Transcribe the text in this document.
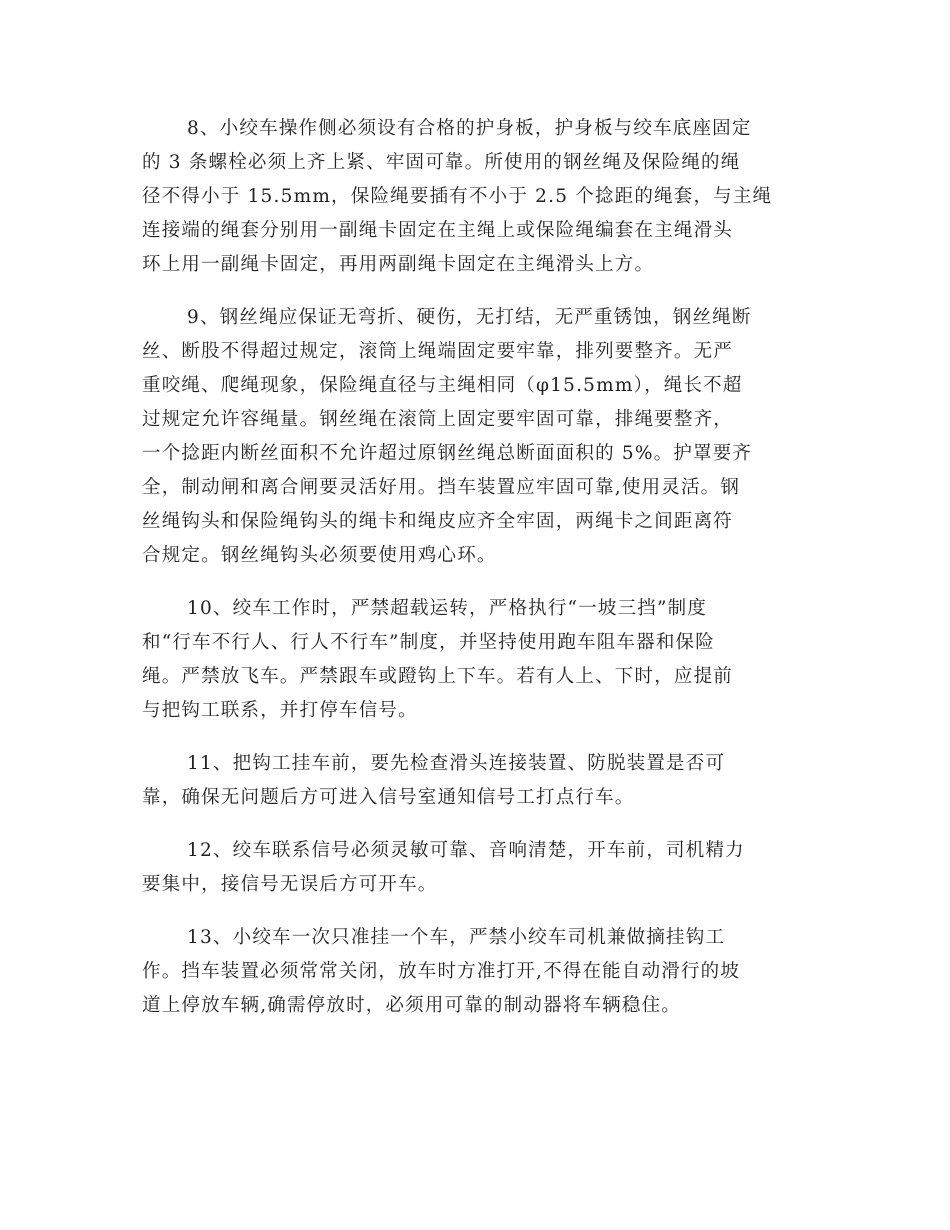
8、小绞车操作侧必须设有合格的护身板，护身板与绞车底座固定
的 3 条螺栓必须上齐上紧、牢固可靠。所使用的钢丝绳及保险绳的绳
径不得小于 15.5mm，保险绳要插有不小于 2.5 个捻距的绳套，与主绳
连接端的绳套分别用一副绳卡固定在主绳上或保险绳编套在主绳滑头
环上用一副绳卡固定，再用两副绳卡固定在主绳滑头上方。

9、钢丝绳应保证无弯折、硬伤，无打结，无严重锈蚀，钢丝绳断
丝、断股不得超过规定，滚筒上绳端固定要牢靠，排列要整齐。无严
重咬绳、爬绳现象，保险绳直径与主绳相同（φ15.5mm），绳长不超
过规定允许容绳量。钢丝绳在滚筒上固定要牢固可靠，排绳要整齐，
一个捻距内断丝面积不允许超过原钢丝绳总断面面积的 5%。护罩要齐
全，制动闸和离合闸要灵活好用。挡车装置应牢固可靠,使用灵活。钢
丝绳钩头和保险绳钩头的绳卡和绳皮应齐全牢固，两绳卡之间距离符
合规定。钢丝绳钩头必须要使用鸡心环。

10、绞车工作时，严禁超载运转，严格执行“一坡三挡”制度
和“行车不行人、行人不行车”制度，并坚持使用跑车阻车器和保险
绳。严禁放飞车。严禁跟车或蹬钩上下车。若有人上、下时，应提前
与把钩工联系，并打停车信号。

11、把钩工挂车前，要先检查滑头连接装置、防脱装置是否可
靠，确保无问题后方可进入信号室通知信号工打点行车。

12、绞车联系信号必须灵敏可靠、音响清楚，开车前，司机精力
要集中，接信号无误后方可开车。

13、小绞车一次只准挂一个车，严禁小绞车司机兼做摘挂钩工
作。挡车装置必须常常关闭，放车时方准打开,不得在能自动滑行的坡
道上停放车辆,确需停放时，必须用可靠的制动器将车辆稳住。
